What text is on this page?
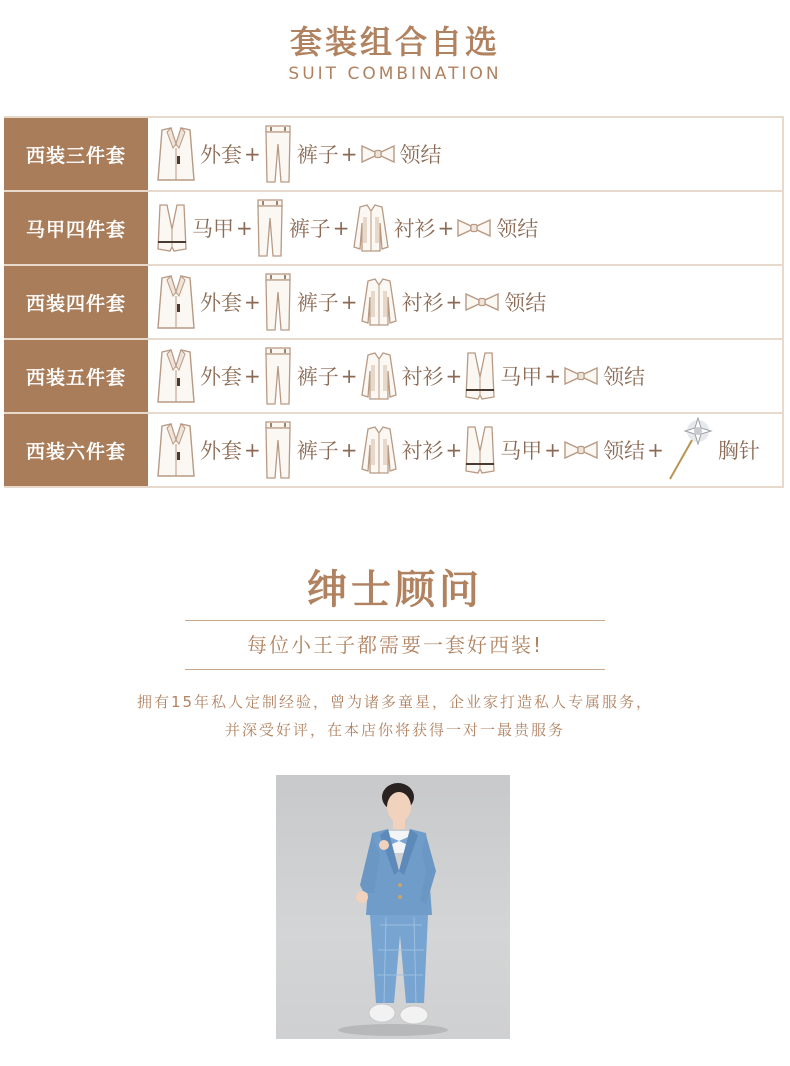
套装组合自选
SUIT COMBINATION
西装三件套	外套 + 裤子 + 领结
马甲四件套	马甲 + 裤子 + 衬衫 + 领结
西装四件套	外套 + 裤子 + 衬衫 + 领结
西装五件套	外套 + 裤子 + 衬衫 + 马甲 + 领结
西装六件套	外套 + 裤子 + 衬衫 + 马甲 + 领结 +	胸针
绅士顾问
每位小王子都需要一套好西装!
拥有15年私人定制经验，曾为诸多童星，企业家打造私人专属服务，
并深受好评，在本店你将获得一对一最贵服务
